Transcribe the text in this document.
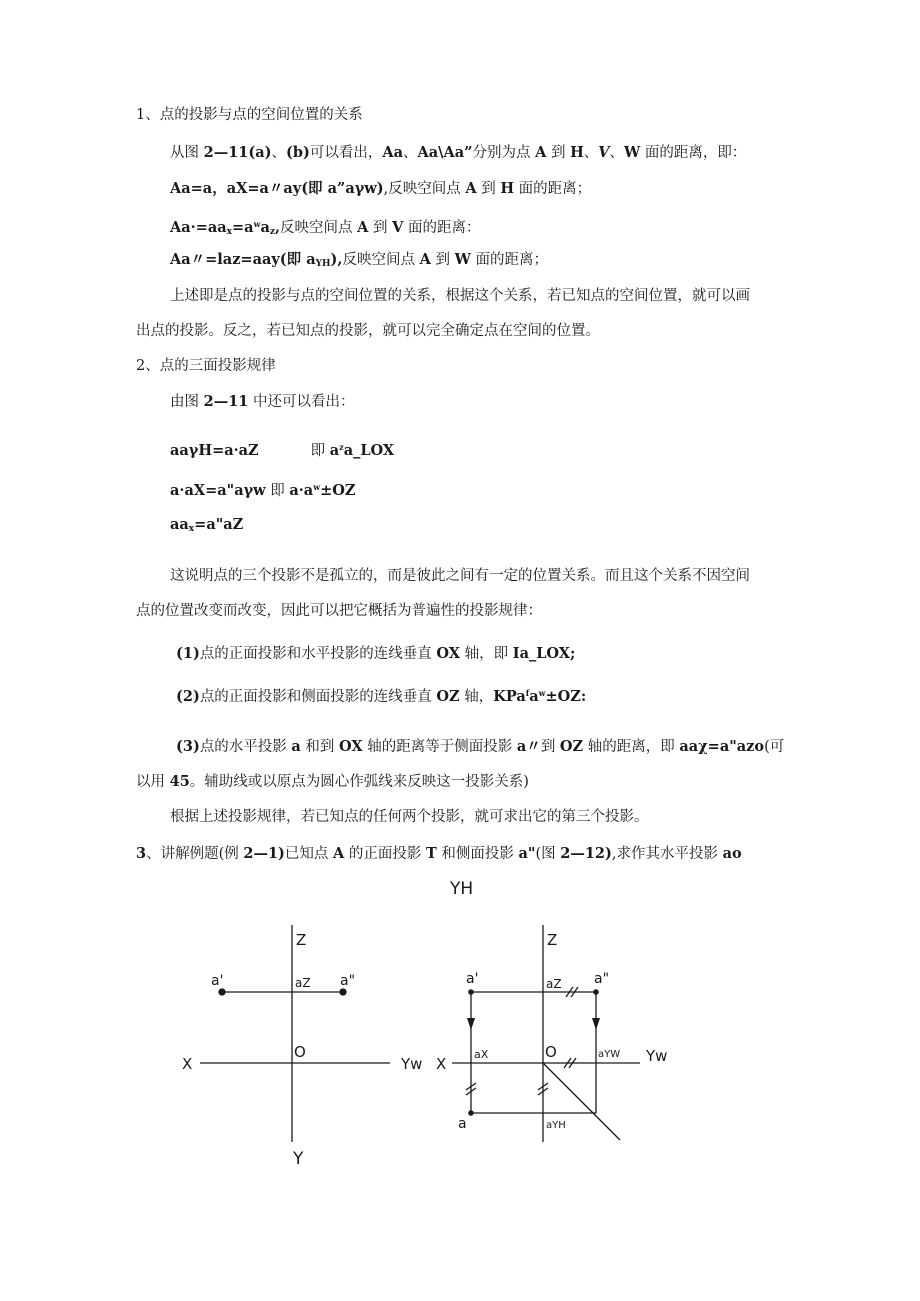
1、点的投影与点的空间位置的关系
从图 2—11(a)、(b)可以看出，Aa、Aa\Aa”分别为点 A 到 H、V、W 面的距离，即：
Aa=a，aX=a〃ay(即 a”aγw),反映空间点 A 到 H 面的距离；
$Aa\cdot=aa_x=a^wa_z$,反映空间点 A 到 V 面的距离：
Aa〃=laz=aay(即 $a_{YH}$),反映空间点 A 到 W 面的距离；
上述即是点的投影与点的空间位置的关系，根据这个关系，若已知点的空间位置，就可以画
出点的投影。反之，若已知点的投影，就可以完全确定点在空间的位置。
2、点的三面投影规律
由图 2—11 中还可以看出：
aaγH=a·aZ	即 $a^za\_LOX$
a·aX=a"aγw 即 $a\cdot a^w\pm OZ$
$aa_x=a"aZ$
这说明点的三个投影不是孤立的，而是彼此之间有一定的位置关系。而且这个关系不因空间
点的位置改变而改变，因此可以把它概括为普遍性的投影规律：
(1)点的正面投影和水平投影的连线垂直 OX 轴，即 Ia_LOX;
(2)点的正面投影和侧面投影的连线垂直 OZ 轴，$KPa^fa^w\pm OZ$:
(3)点的水平投影 a 和到 OX 轴的距离等于侧面投影 a〃到 OZ 轴的距离，即 aaχ=a"azo(可
以用 45。辅助线或以原点为圆心作弧线来反映这一投影关系)
根据上述投影规律，若已知点的任何两个投影，就可求出它的第三个投影。
3、讲解例题(例 2—1)已知点 A 的正面投影 T 和侧面投影 a"(图 2—12),求作其水平投影 ao
YH
Z
X
O
Yw
a'	aZ a"
Y
Z
X
O	Yw
a'	aZ a"
aX	aYW
a	aYH
